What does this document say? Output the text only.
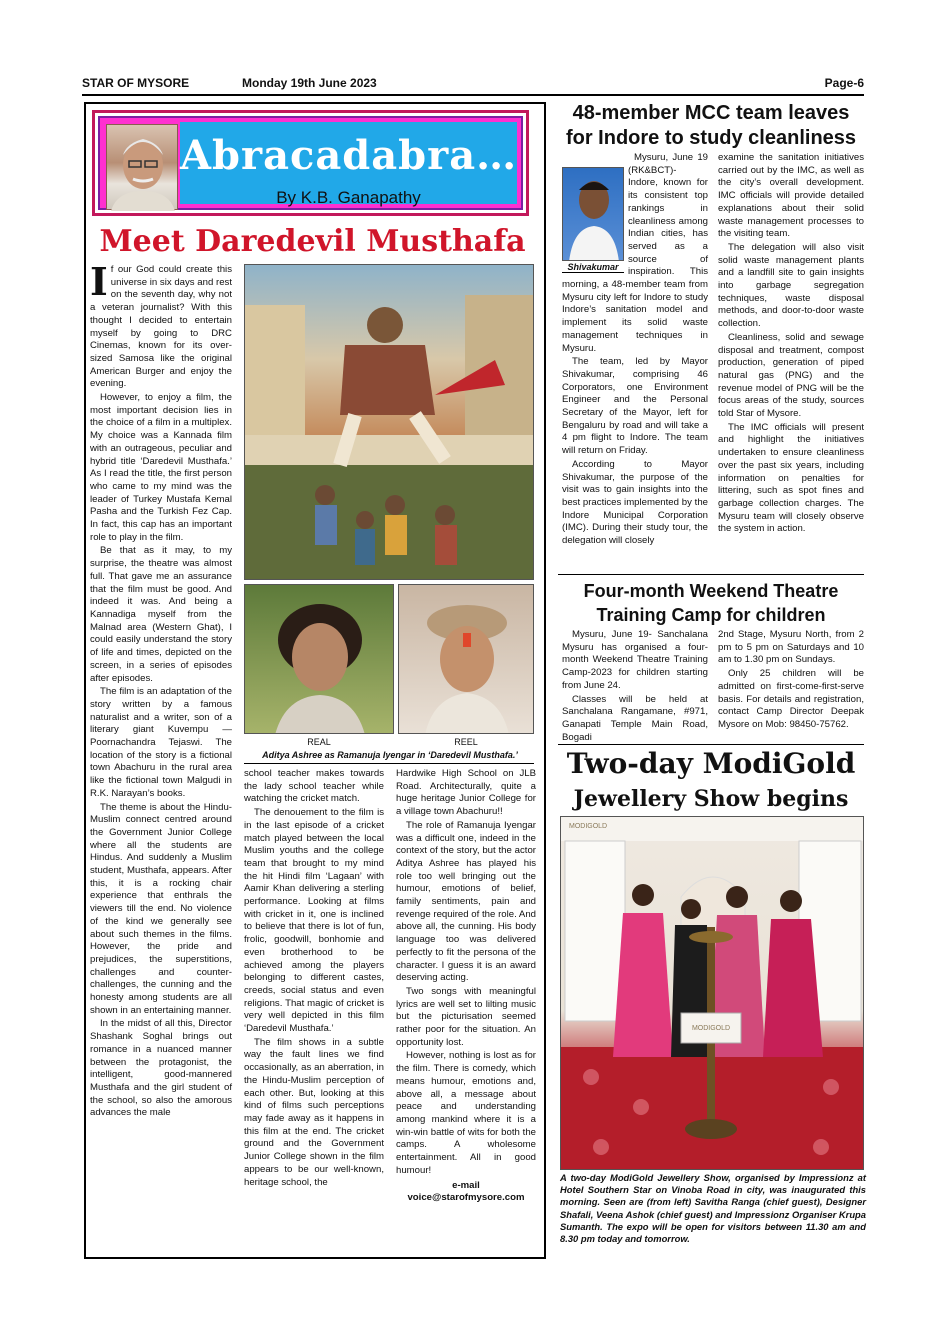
STAR OF MYSORE	Monday 19th June 2023	Page-6
Abracadabra…
By K.B. Ganapathy
Meet Daredevil Musthafa

If our God could create this universe in six days and rest on the seventh day, why not a veteran journalist? With this thought I decided to entertain myself by going to DRC Cinemas, known for its over-sized Samosa like the original American Burger and enjoy the evening.

However, to enjoy a film, the most important decision lies in the choice of a film in a multiplex. My choice was a Kannada film with an outrageous, peculiar and hybrid title ‘Daredevil Musthafa.’ As I read the title, the first person who came to my mind was the leader of Turkey Mustafa Kemal Pasha and the Turkish Fez Cap. In fact, this cap has an important role to play in the film.

Be that as it may, to my surprise, the theatre was almost full. That gave me an assurance that the film must be good. And indeed it was. And being a Kannadiga myself from the Malnad area (Western Ghat), I could easily understand the story of life and times, depicted on the screen, in a series of episodes after episodes.

The film is an adaptation of the story written by a famous naturalist and a writer, son of a literary giant Kuvempu — Poornachandra Tejaswi. The location of the story is a fictional town Abachuru in the rural area like the fictional town Malgudi in R.K. Narayan’s books.

The theme is about the Hindu-Muslim connect centred around the Government Junior College where all the students are Hindus. And suddenly a Muslim student, Musthafa, appears. After this, it is a rocking chair experience that enthrals the viewers till the end. No violence of the kind we generally see about such themes in the films. However, the pride and prejudices, the superstitions, challenges and counter-challenges, the cunning and the honesty among students are all shown in an entertaining manner.

In the midst of all this, Director Shashank Soghal brings out romance in a nuanced manner between the protagonist, the intelligent, good-mannered Musthafa and the girl student of the school, so also the amorous advances the male

REAL	REEL
Aditya Ashree as Ramanuja Iyengar in ‘Daredevil Musthafa.’

school teacher makes towards the lady school teacher while watching the cricket match.

The denouement to the film is in the last episode of a cricket match played between the local Muslim youths and the college team that brought to my mind the hit Hindi film ‘Lagaan’ with Aamir Khan delivering a sterling performance. Looking at films with cricket in it, one is inclined to believe that there is lot of fun, frolic, goodwill, bonhomie and even brotherhood to be achieved among the players belonging to different castes, creeds, social status and even religions. That magic of cricket is very well depicted in this film ‘Daredevil Musthafa.’

The film shows in a subtle way the fault lines we find occasionally, as an aberration, in the Hindu-Muslim perception of each other. But, looking at this kind of films such perceptions may fade away as it happens in this film at the end. The cricket ground and the Government Junior College shown in the film appears to be our well-known, heritage school, the

Hardwike High School on JLB Road. Architecturally, quite a huge heritage Junior College for a village town Abachuru!!

The role of Ramanuja Iyengar was a difficult one, indeed in the context of the story, but the actor Aditya Ashree has played his role too well bringing out the humour, emotions of belief, family sentiments, pain and revenge required of the role. And above all, the cunning. His body language too was delivered perfectly to fit the persona of the character. I guess it is an award deserving acting.

Two songs with meaningful lyrics are well set to lilting music but the picturisation seemed rather poor for the situation. An opportunity lost.

However, nothing is lost as for the film. There is comedy, which means humour, emotions and, above all, a message about peace and understanding among mankind where it is a win-win battle of wits for both the camps. A wholesome entertainment. All in good humour!

e-mail
voice@starofmysore.com
48-member MCC team leaves
for Indore to study cleanliness
Shivakumar

Mysuru, June 19 (RK&BCT)- Indore, known for its consistent top rankings in cleanliness among Indian cities, has served as a source of inspiration. This morning, a 48-member team from Mysuru city left for Indore to study Indore’s sanitation model and implement its solid waste management techniques in Mysuru.

The team, led by Mayor Shivakumar, comprising 46 Corporators, one Environment Engineer and the Personal Secretary of the Mayor, left for Bengaluru by road and will take a 4 pm flight to Indore. The team will return on Friday.

According to Mayor Shivakumar, the purpose of the visit was to gain insights into the best practices implemented by the Indore Municipal Corporation (IMC). During their study tour, the delegation will closely

examine the sanitation initiatives carried out by the IMC, as well as the city’s overall development. IMC officials will provide detailed explanations about their solid waste management processes to the visiting team.

The delegation will also visit solid waste management plants and a landfill site to gain insights into garbage segregation techniques, waste disposal methods, and door-to-door waste collection.

Cleanliness, solid and sewage disposal and treatment, compost production, generation of piped natural gas (PNG) and the revenue model of PNG will be the focus areas of the study, sources told Star of Mysore.

The IMC officials will present and highlight the initiatives undertaken to ensure cleanliness over the past six years, including information on penalties for littering, such as spot fines and garbage collection charges. The Mysuru team will closely observe the system in action.

Four-month Weekend Theatre
Training Camp for children

Mysuru, June 19- Sanchalana Mysuru has organised a four-month Weekend Theatre Training Camp-2023 for children starting from June 24.

Classes will be held at Sanchalana Rangamane, #971, Ganapati Temple Main Road, Bogadi

2nd Stage, Mysuru North, from 2 pm to 5 pm on Saturdays and 10 am to 1.30 pm on Sundays.

Only 25 children will be admitted on first-come-first-serve basis. For details and registration, contact Camp Director Deepak Mysore on Mob: 98450-75762.

Two-day ModiGold
Jewellery Show begins
MODIGOLD
MODIGOLD
A two-day ModiGold Jewellery Show, organised by Impressionz at Hotel Southern Star on Vinoba Road in city, was inaugurated this morning. Seen are (from left) Savitha Ranga (chief guest), Designer Shafali, Veena Ashok (chief guest) and Impressionz Organiser Krupa Sumanth. The expo will be open for visitors between 11.30 am and 8.30 pm today and tomorrow.
